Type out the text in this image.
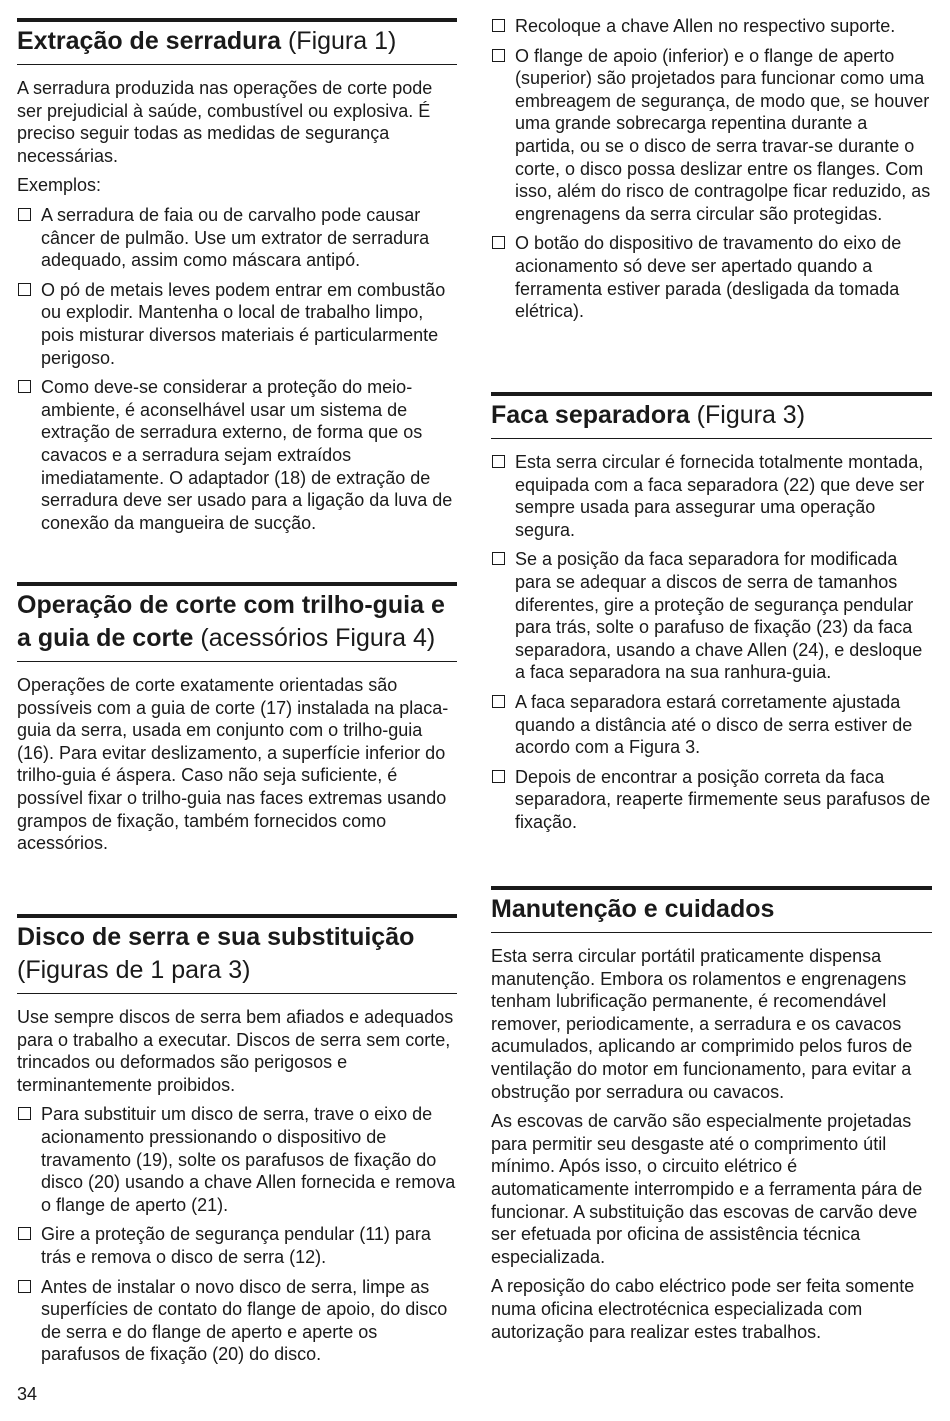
Extração de serradura (Figura 1)

A serradura produzida nas operações de corte pode ser prejudicial à saúde, combustível ou explosiva. É preciso seguir todas as medidas de segurança necessárias.

Exemplos:

A serradura de faia ou de carvalho pode causar câncer de pulmão. Use um extrator de serradura adequado, assim como máscara antipó.
O pó de metais leves podem entrar em combustão ou explodir. Mantenha o local de trabalho limpo, pois misturar diversos materiais é particularmente perigoso.
Como deve-se considerar a proteção do meio-ambiente, é aconselhável usar um sistema de extração de serradura externo, de forma que os cavacos e a serradura sejam extraídos imediatamente. O adaptador (18) de extração de serradura deve ser usado para a ligação da luva de conexão da mangueira de sucção.
Operação de corte com trilho-guia e a guia de corte (acessórios Figura 4)

Operações de corte exatamente orientadas são possíveis com a guia de corte (17) instalada na placa-guia da serra, usada em conjunto com o trilho-guia (16). Para evitar deslizamento, a superfície inferior do trilho-guia é áspera. Caso não seja suficiente, é possível fixar o trilho-guia nas faces extremas usando grampos de fixação, também fornecidos como acessórios.

Disco de serra e sua substituição (Figuras de 1 para 3)

Use sempre discos de serra bem afiados e adequados para o trabalho a executar. Discos de serra sem corte, trincados ou deformados são perigosos e terminantemente proibidos.

Para substituir um disco de serra, trave o eixo de acionamento pressionando o dispositivo de travamento (19), solte os parafusos de fixação do disco (20) usando a chave Allen fornecida e remova o flange de aperto (21).
Gire a proteção de segurança pendular (11) para trás e remova o disco de serra (12).
Antes de instalar o novo disco de serra, limpe as superfícies de contato do flange de apoio, do disco de serra e do flange de aperto e aperte os parafusos de fixação (20) do disco.
Recoloque a chave Allen no respectivo suporte.
O flange de apoio (inferior) e o flange de aperto (superior) são projetados para funcionar como uma embreagem de segurança, de modo que, se houver uma grande sobrecarga repentina durante a partida, ou se o disco de serra travar-se durante o corte, o disco possa deslizar entre os flanges. Com isso, além do risco de contragolpe ficar reduzido, as engrenagens da serra circular são protegidas.
O botão do dispositivo de travamento do eixo de acionamento só deve ser apertado quando a ferramenta estiver parada (desligada da tomada elétrica).
Faca separadora (Figura 3)
Esta serra circular é fornecida totalmente montada, equipada com a faca separadora (22) que deve ser sempre usada para assegurar uma operação segura.
Se a posição da faca separadora for modificada para se adequar a discos de serra de tamanhos diferentes, gire a proteção de segurança pendular para trás, solte o parafuso de fixação (23) da faca separadora, usando a chave Allen (24), e desloque a faca separadora na sua ranhura-guia.
A faca separadora estará corretamente ajustada quando a distância até o disco de serra estiver de acordo com a Figura 3.
Depois de encontrar a posição correta da faca separadora, reaperte firmemente seus parafusos de fixação.
Manutenção e cuidados

Esta serra circular portátil praticamente dispensa manutenção. Embora os rolamentos e engrenagens tenham lubrificação permanente, é recomendável remover, periodicamente, a serradura e os cavacos acumulados, aplicando ar comprimido pelos furos de ventilação do motor em funcionamento, para evitar a obstrução por serradura ou cavacos.

As escovas de carvão são especialmente projetadas para permitir seu desgaste até o comprimento útil mínimo. Após isso, o circuito elétrico é automaticamente interrompido e a ferramenta pára de funcionar. A substituição das escovas de carvão deve ser efetuada por oficina de assistência técnica especializada.

A reposição do cabo eléctrico pode ser feita somente numa oficina electrotécnica especializada com autorização para realizar estes trabalhos.

34
